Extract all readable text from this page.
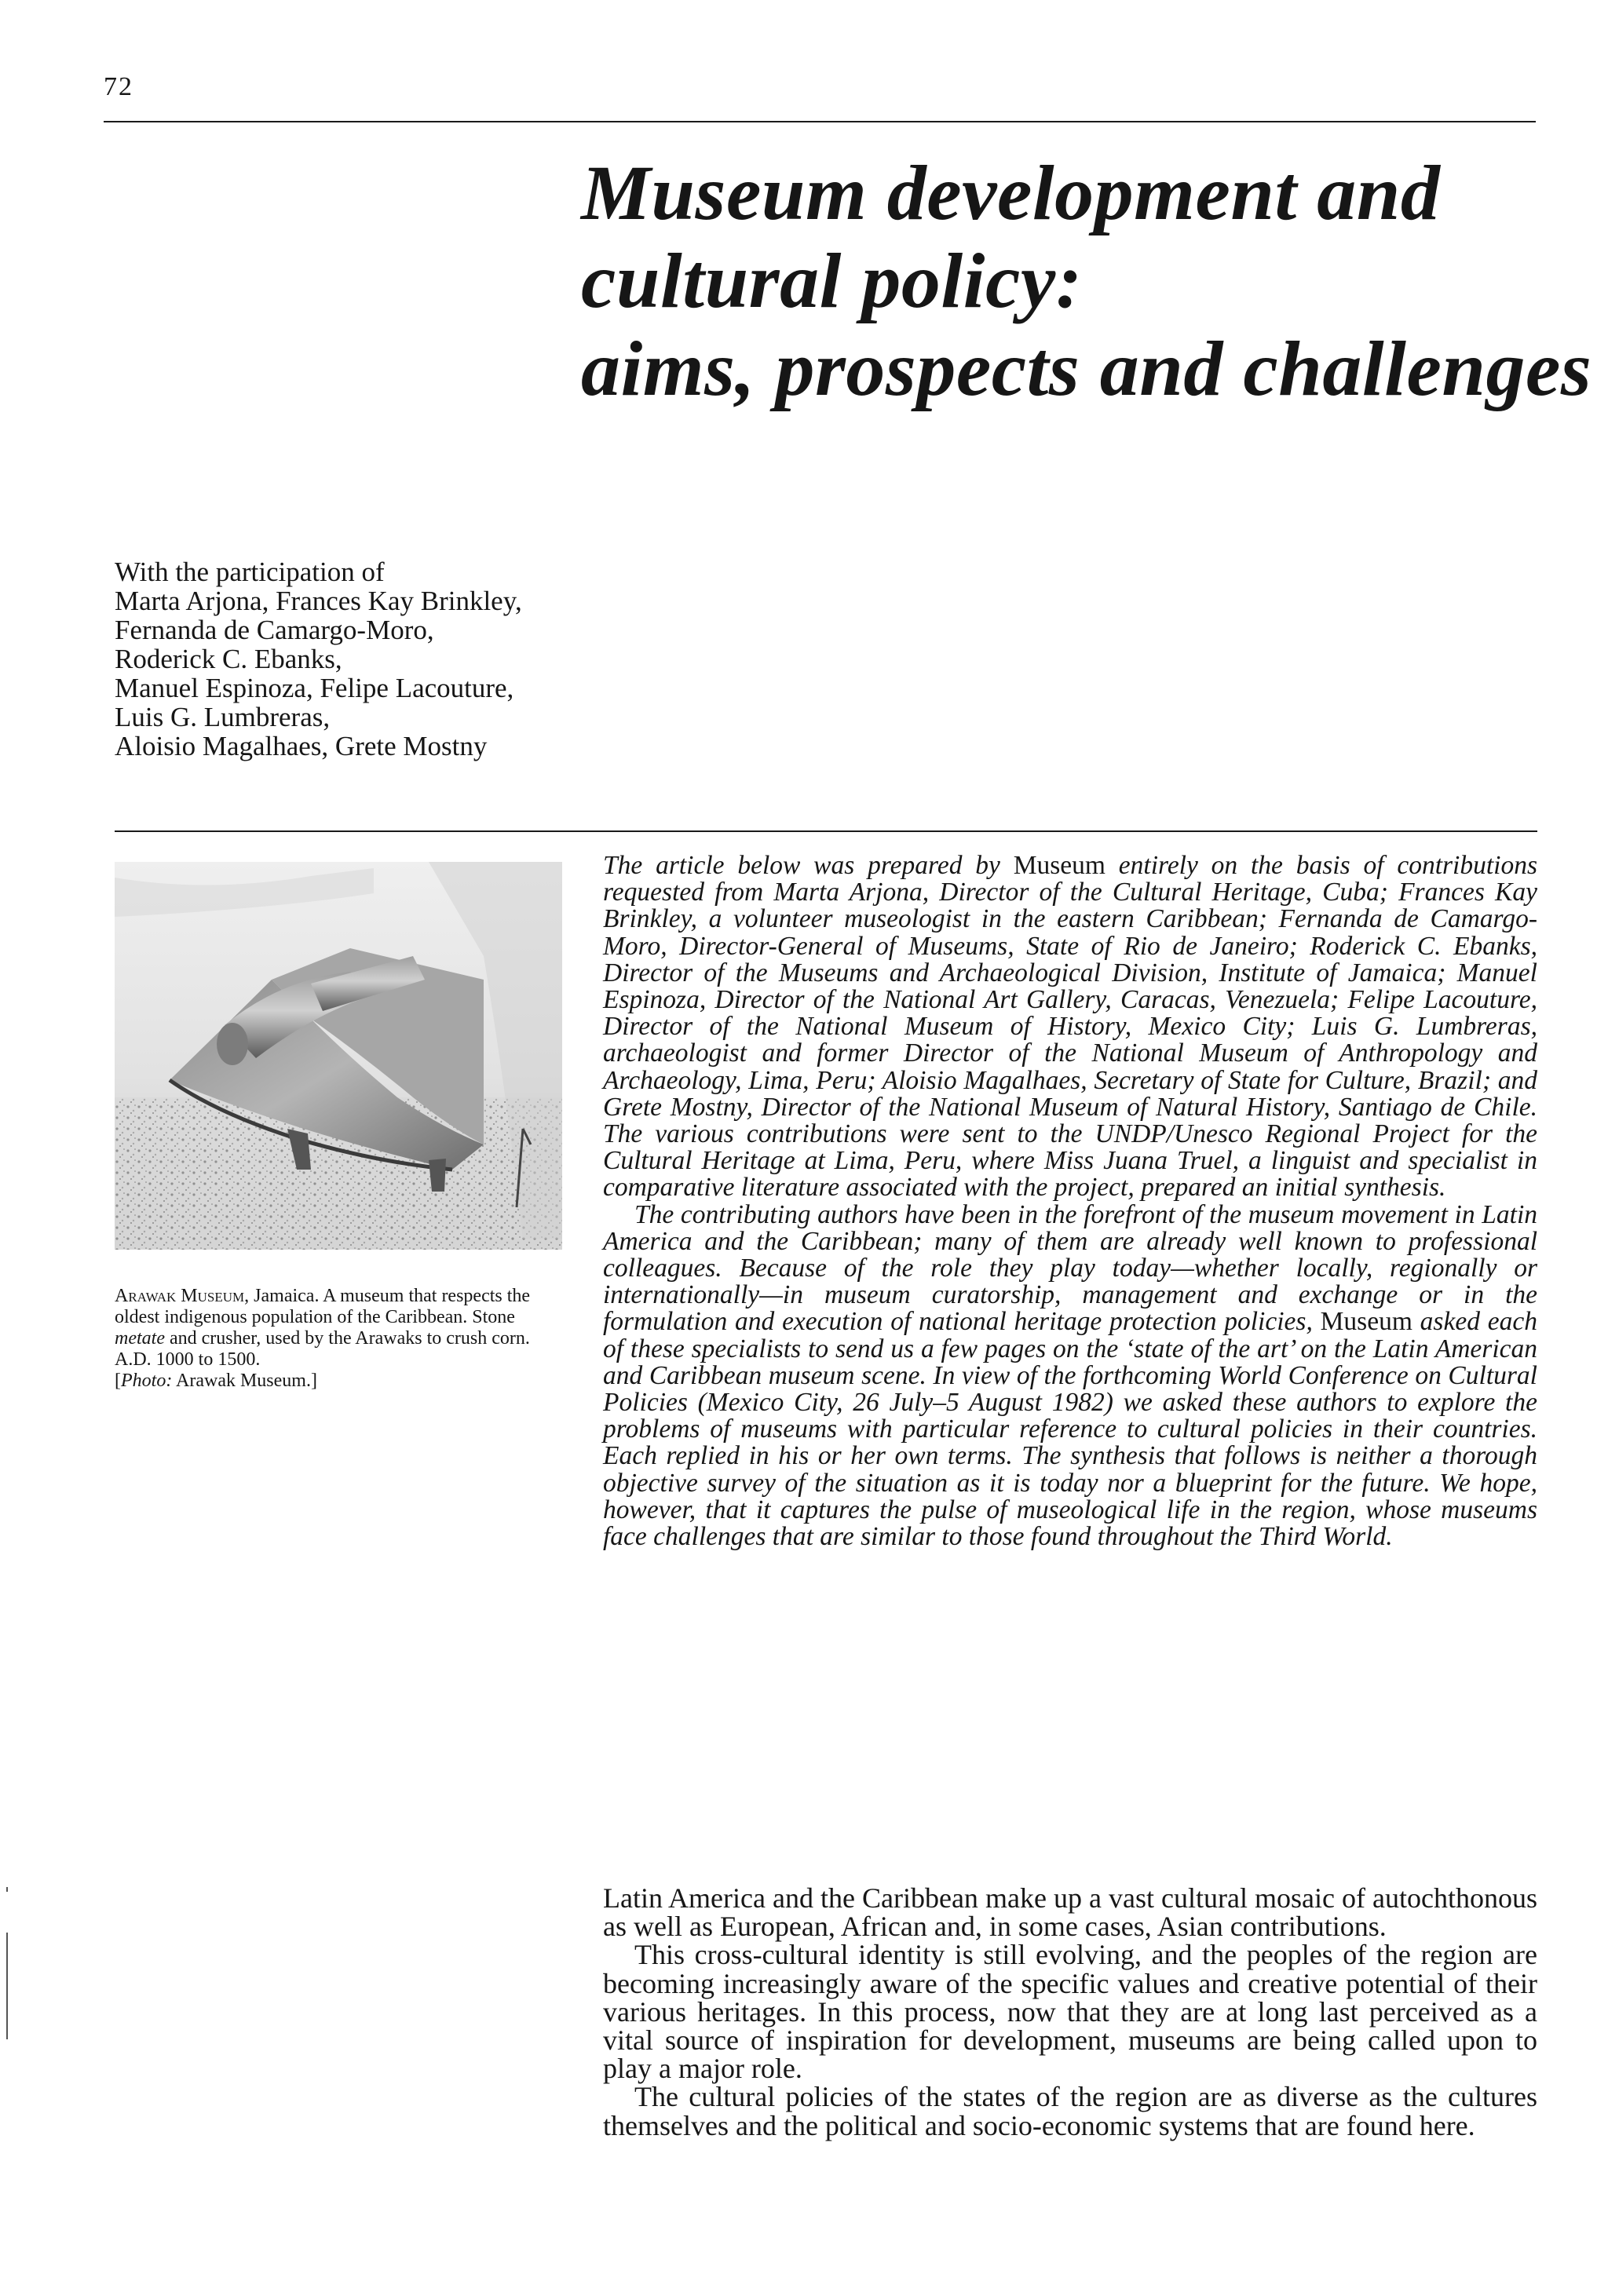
72
Museum development and
cultural policy:
aims, prospects and challenges
With the participation of
Marta Arjona, Frances Kay Brinkley,
Fernanda de Camargo-Moro,
Roderick C. Ebanks,
Manuel Espinoza, Felipe Lacouture,
Luis G. Lumbreras,
Aloisio Magalhaes, Grete Mostny
Arawak Museum, Jamaica. A museum that respects the oldest indigenous population of the Caribbean. Stone metate and crusher, used by the Arawaks to crush corn. A.D. 1000 to 1500.
[Photo: Arawak Museum.]

The article below was prepared by Museum entirely on the basis of contributions requested from Marta Arjona, Director of the Cultural Heritage, Cuba; Frances Kay Brinkley, a volunteer museologist in the eastern Caribbean; Fernanda de Camargo-Moro, Director-General of Museums, State of Rio de Janeiro; Roderick C. Ebanks, Director of the Museums and Archaeological Division, Institute of Jamaica; Manuel Espinoza, Director of the National Art Gallery, Caracas, Venezuela; Felipe Lacouture, Director of the National Museum of History, Mexico City; Luis G. Lumbreras, archaeologist and former Director of the National Museum of Anthropology and Archaeology, Lima, Peru; Aloisio Magalhaes, Secretary of State for Culture, Brazil; and Grete Mostny, Director of the National Museum of Natural History, Santiago de Chile. The various contributions were sent to the UNDP/Unesco Regional Project for the Cultural Heritage at Lima, Peru, where Miss Juana Truel, a linguist and specialist in comparative literature associated with the project, prepared an initial synthesis.

The contributing authors have been in the forefront of the museum movement in Latin America and the Caribbean; many of them are already well known to professional colleagues. Because of the role they play today—whether locally, regionally or internationally—in museum curatorship, management and exchange or in the formulation and execution of national heritage protection policies, Museum asked each of these specialists to send us a few pages on the ‘state of the art’ on the Latin American and Caribbean museum scene. In view of the forthcoming World Conference on Cultural Policies (Mexico City, 26 July–5 August 1982) we asked these authors to explore the problems of museums with particular reference to cultural policies in their countries. Each replied in his or her own terms. The synthesis that follows is neither a thorough objective survey of the situation as it is today nor a blueprint for the future. We hope, however, that it captures the pulse of museological life in the region, whose museums face challenges that are similar to those found throughout the Third World.

Latin America and the Caribbean make up a vast cultural mosaic of autochthonous as well as European, African and, in some cases, Asian contributions.

This cross-cultural identity is still evolving, and the peoples of the region are becoming increasingly aware of the specific values and creative potential of their various heritages. In this process, now that they are at long last perceived as a vital source of inspiration for development, museums are being called upon to play a major role.

The cultural policies of the states of the region are as diverse as the cultures themselves and the political and socio-economic systems that are found here.
